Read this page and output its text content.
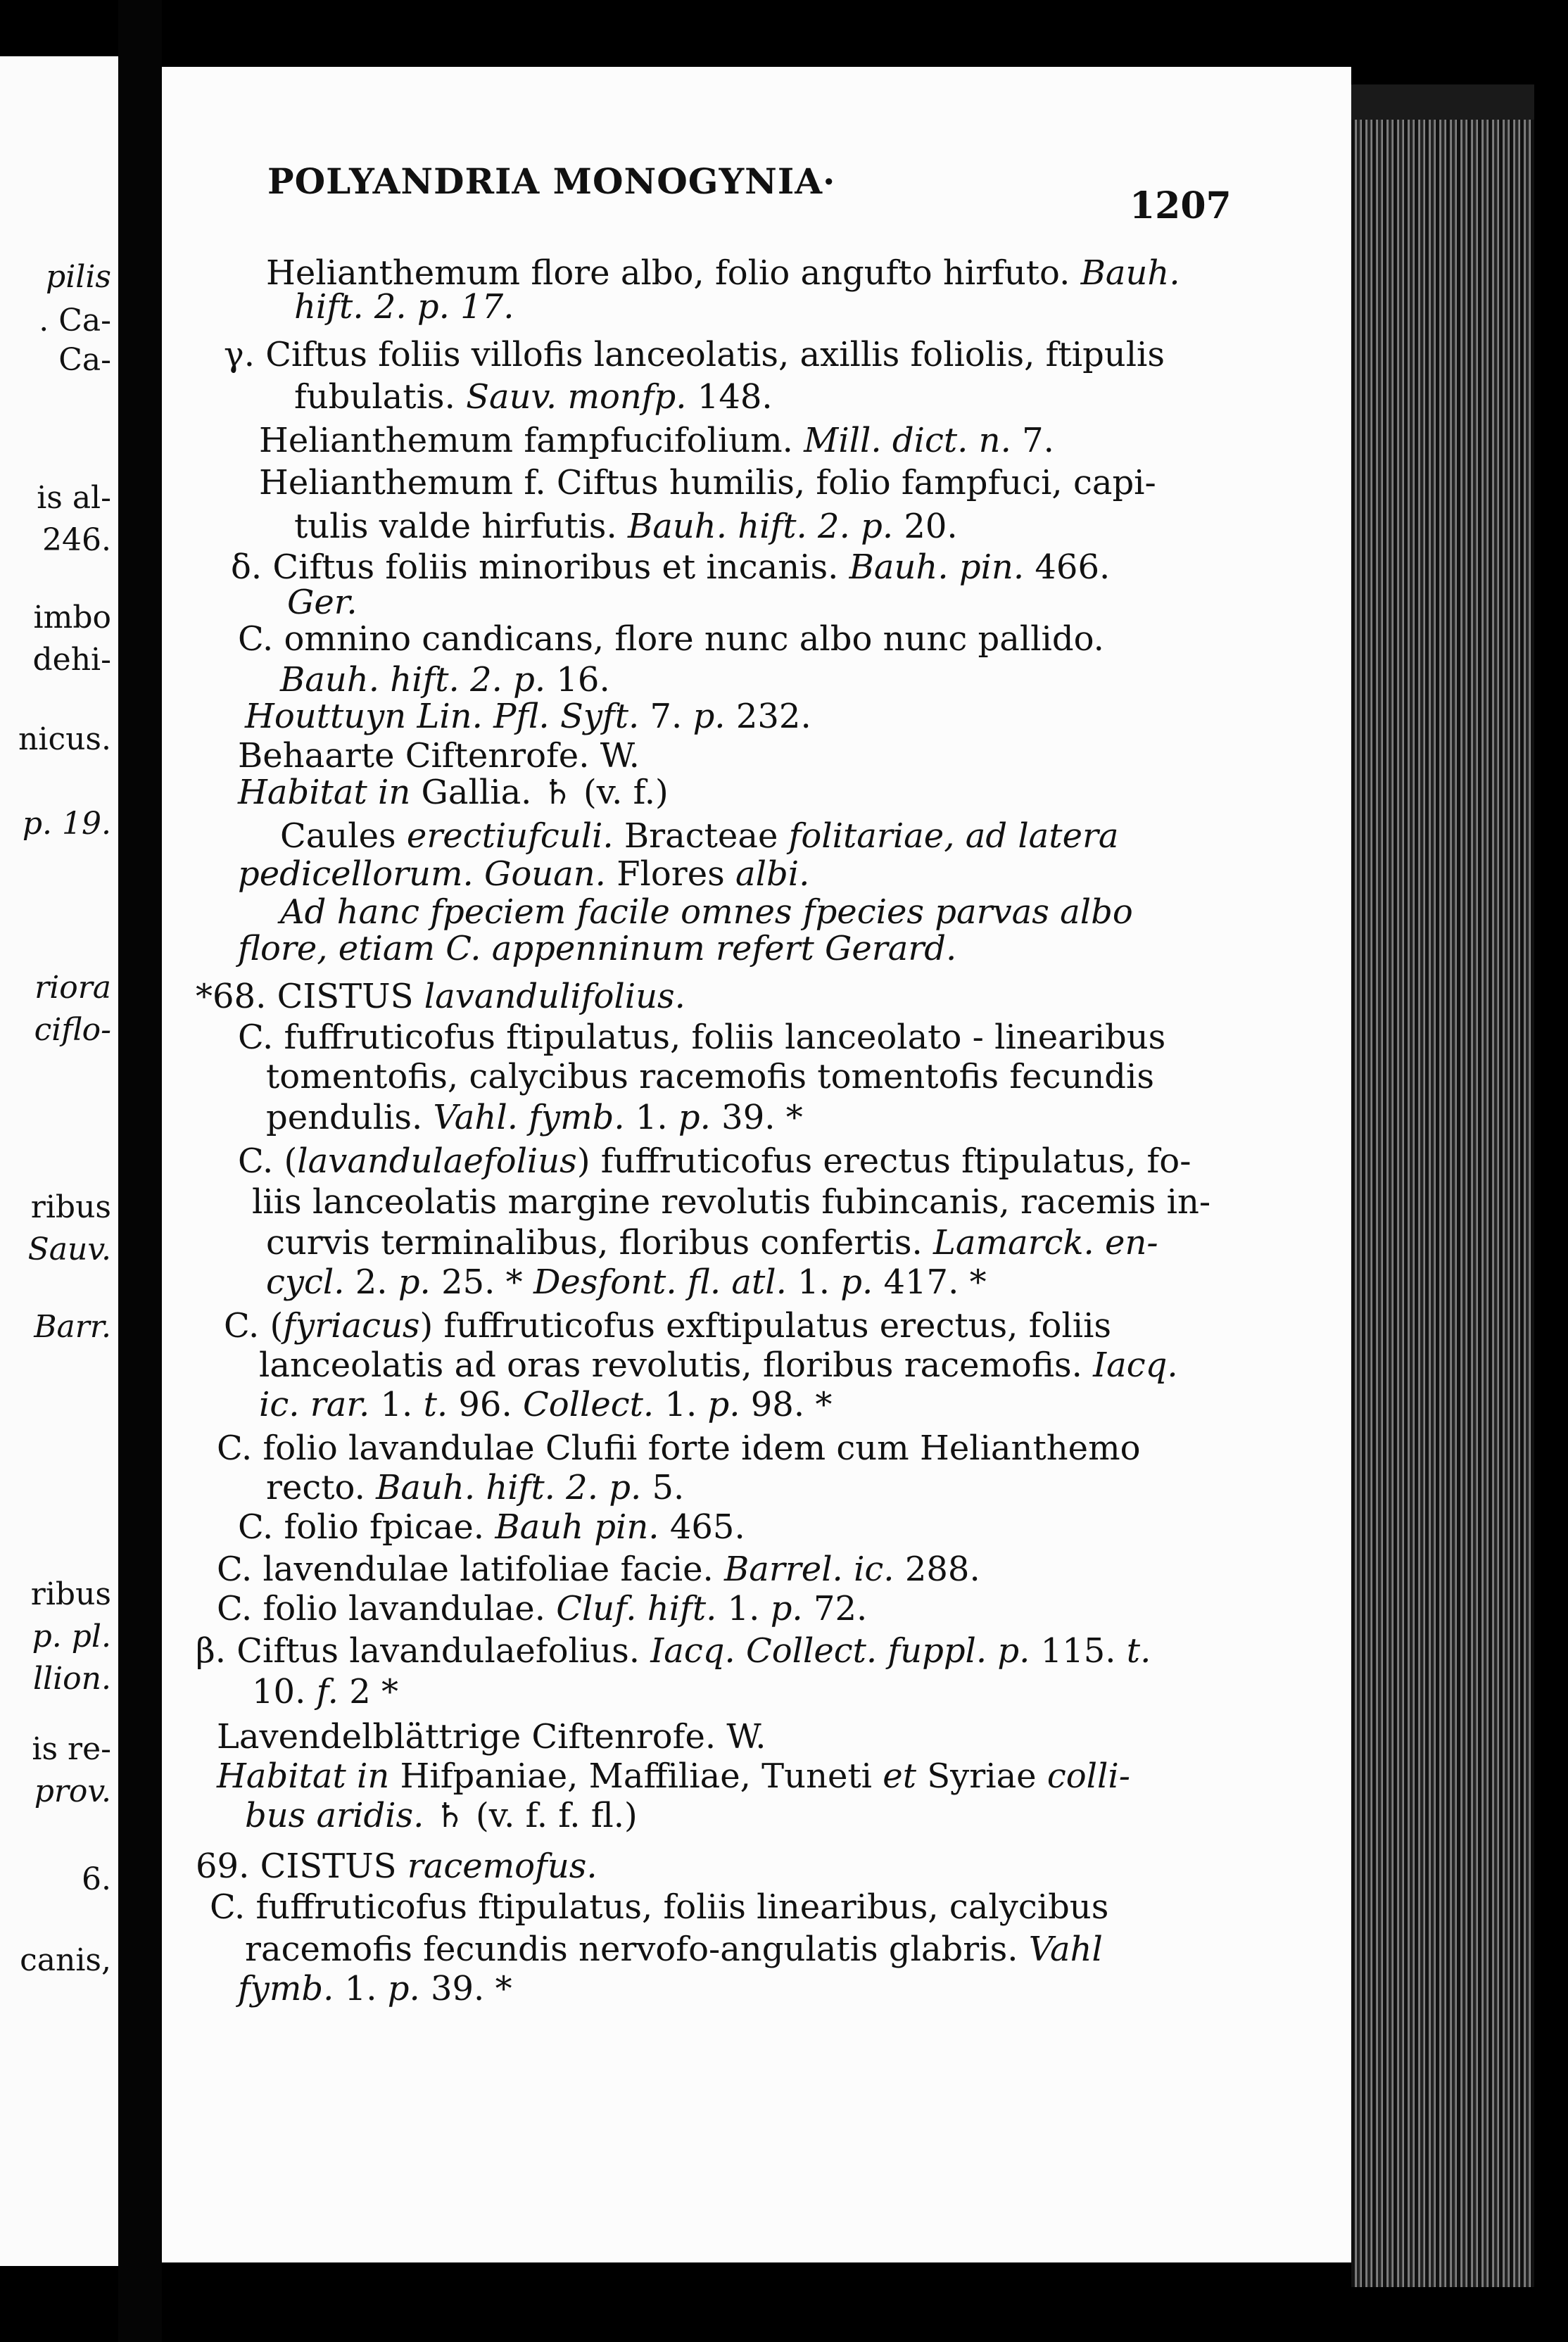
pilis
. Ca-
Ca-
is al-
246.
imbo
dehi-
nicus.
p. 19.
riora
ciflo-
ribus
Sauv.
Barr.
ribus
p. pl.
llion.
is re-
prov.
6.
canis,
POLYANDRIA MONOGYNIA·
1207
Helianthemum flore albo, folio angufto hirfuto. Bauh.
hift. 2. p. 17.
γ. Ciftus foliis villofis lanceolatis, axillis foliolis, ftipulis
fubulatis. Sauv. monfp. 148.
Helianthemum fampfucifolium. Mill. dict. n. 7.
Helianthemum f. Ciftus humilis, folio fampfuci, capi-
tulis valde hirfutis. Bauh. hift. 2. p. 20.
δ. Ciftus foliis minoribus et incanis. Bauh. pin. 466.
Ger.
C. omnino candicans, flore nunc albo nunc pallido.
Bauh. hift. 2. p. 16.
Houttuyn Lin. Pfl. Syft. 7. p. 232.
Behaarte Ciftenrofe. W.
Habitat in Gallia. ♄ (v. f.)
Caules erectiufculi. Bracteae folitariae, ad latera
pedicellorum. Gouan. Flores albi.
Ad hanc fpeciem facile omnes fpecies parvas albo
flore, etiam C. appenninum refert Gerard.
*68. CISTUS lavandulifolius.
C. fuffruticofus ftipulatus, foliis lanceolato - linearibus
tomentofis, calycibus racemofis tomentofis fecundis
pendulis. Vahl. fymb. 1. p. 39. *
C. (lavandulaefolius) fuffruticofus erectus ftipulatus, fo-
liis lanceolatis margine revolutis fubincanis, racemis in-
curvis terminalibus, floribus confertis. Lamarck. en-
cycl. 2. p. 25. * Desfont. fl. atl. 1. p. 417. *
C. (fyriacus) fuffruticofus exftipulatus erectus, foliis
lanceolatis ad oras revolutis, floribus racemofis. Iacq.
ic. rar. 1. t. 96. Collect. 1. p. 98. *
C. folio lavandulae Clufii forte idem cum Helianthemo
recto. Bauh. hift. 2. p. 5.
C. folio fpicae. Bauh pin. 465.
C. lavendulae latifoliae facie. Barrel. ic. 288.
C. folio lavandulae. Cluf. hift. 1. p. 72.
β. Ciftus lavandulaefolius. Iacq. Collect. fuppl. p. 115. t.
10. f. 2 *
Lavendelblättrige Ciftenrofe. W.
Habitat in Hifpaniae, Maffiliae, Tuneti et Syriae colli-
bus aridis. ♄ (v. f. f. fl.)
69. CISTUS racemofus.
C. fuffruticofus ftipulatus, foliis linearibus, calycibus
racemofis fecundis nervofo-angulatis glabris. Vahl
fymb. 1. p. 39. *
